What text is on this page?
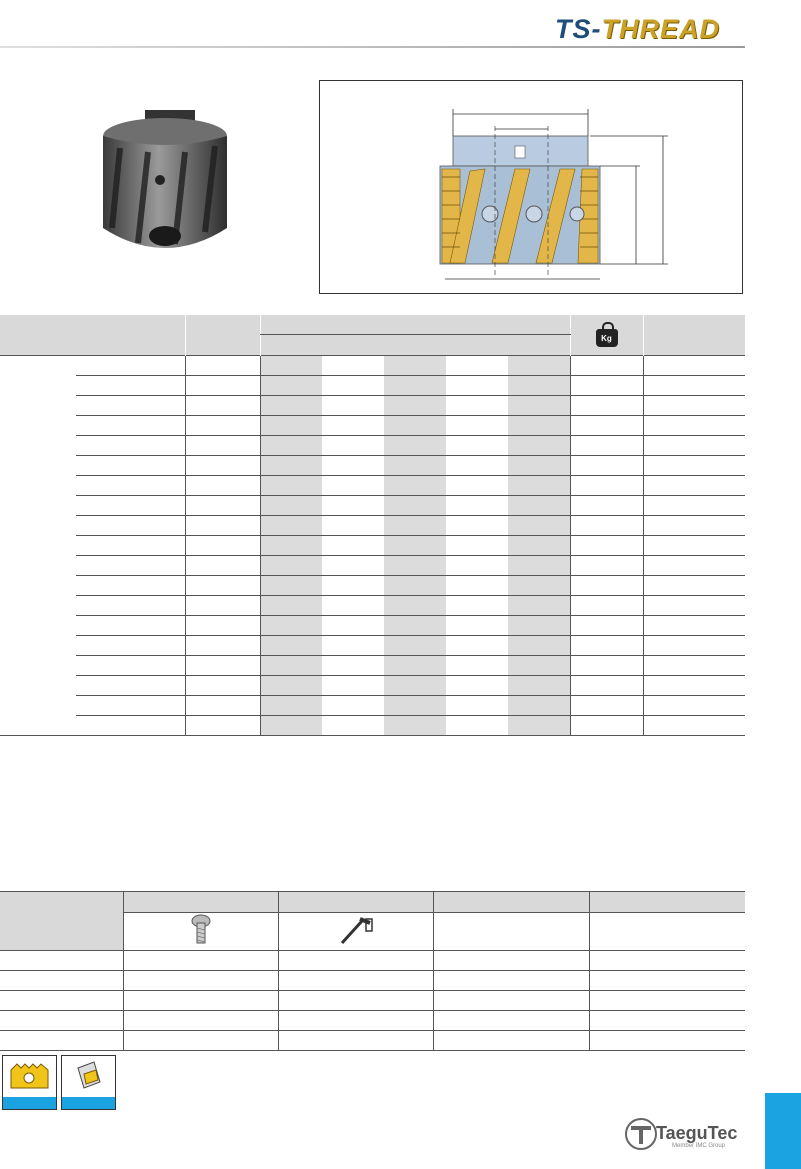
TS-THREAD
								Kg	

TaeguTec
Member IMC Group
